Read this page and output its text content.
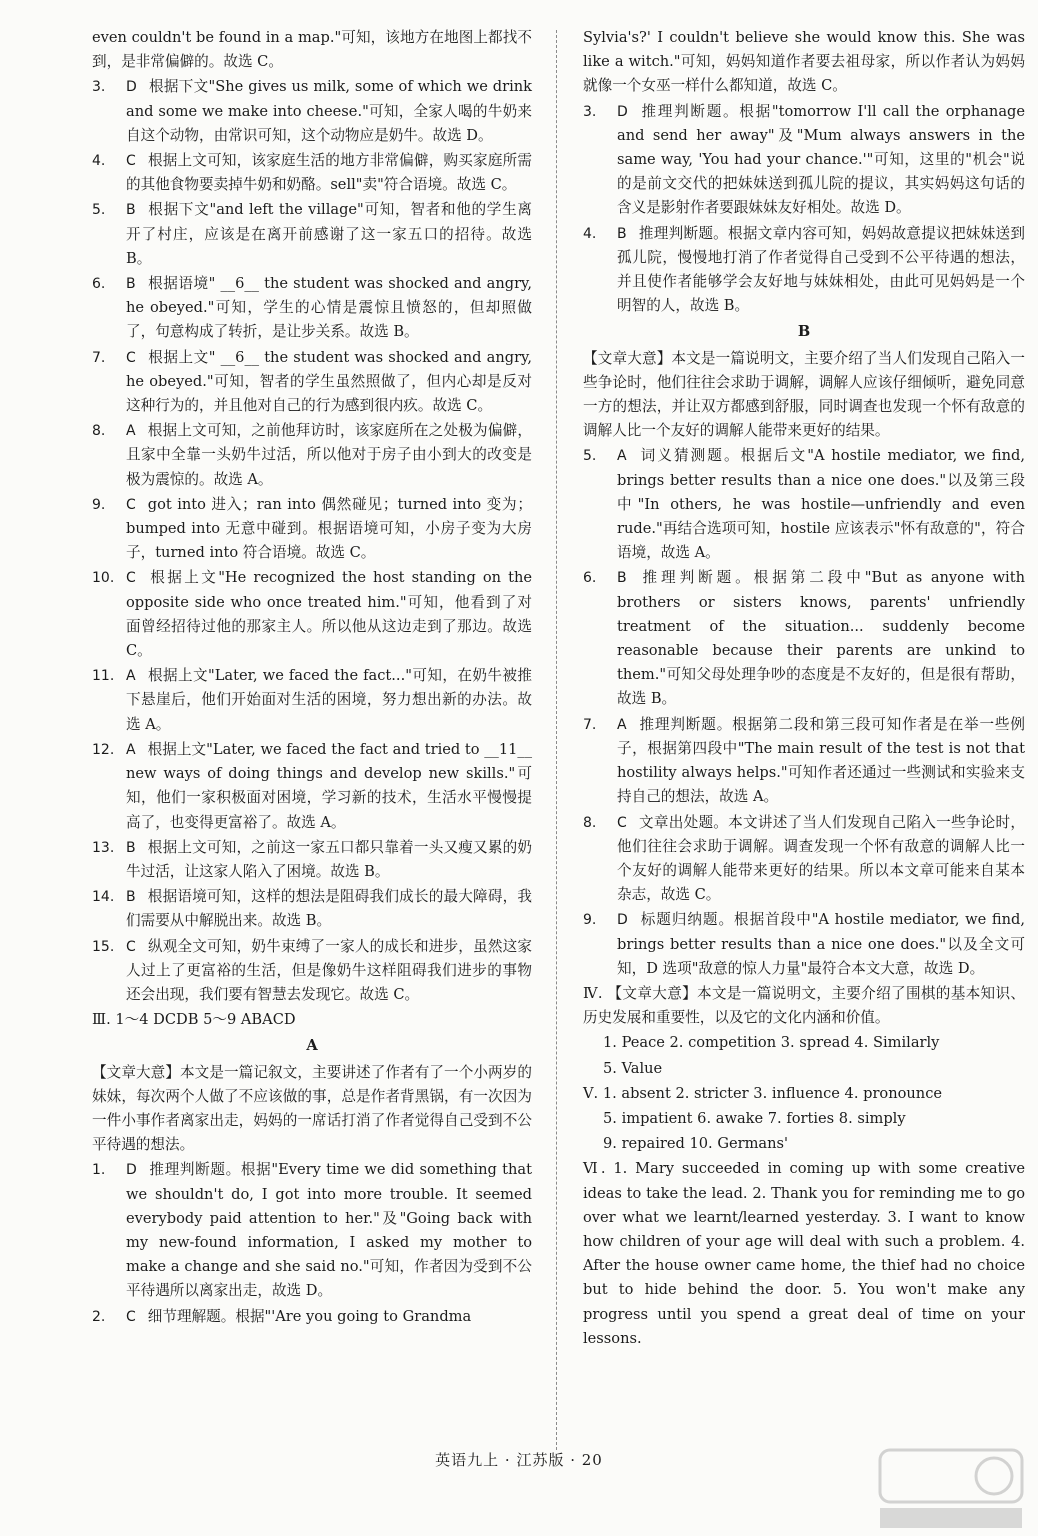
even couldn't be found in a map."可知，该地方在地图上都找不到，是非常偏僻的。故选 C。

3. D 根据下文"She gives us milk, some of which we drink and some we make into cheese."可知，全家人喝的牛奶来自这个动物，由常识可知，这个动物应是奶牛。故选 D。

4. C 根据上文可知，该家庭生活的地方非常偏僻，购买家庭所需的其他食物要卖掉牛奶和奶酪。sell"卖"符合语境。故选 C。

5. B 根据下文"and left the village"可知，智者和他的学生离开了村庄，应该是在离开前感谢了这一家五口的招待。故选 B。

6. B 根据语境" __6__ the student was shocked and angry, he obeyed."可知，学生的心情是震惊且愤怒的，但却照做了，句意构成了转折，是让步关系。故选 B。

7. C 根据上文" __6__ the student was shocked and angry, he obeyed."可知，智者的学生虽然照做了，但内心却是反对这种行为的，并且他对自己的行为感到很内疚。故选 C。

8. A 根据上文可知，之前他拜访时，该家庭所在之处极为偏僻，且家中全靠一头奶牛过活，所以他对于房子由小到大的改变是极为震惊的。故选 A。

9. C got into 进入；ran into 偶然碰见；turned into 变为；bumped into 无意中碰到。根据语境可知，小房子变为大房子，turned into 符合语境。故选 C。

10. C 根据上文"He recognized the host standing on the opposite side who once treated him."可知，他看到了对面曾经招待过他的那家主人。所以他从这边走到了那边。故选 C。

11. A 根据上文"Later, we faced the fact..."可知，在奶牛被推下悬崖后，他们开始面对生活的困境，努力想出新的办法。故选 A。

12. A 根据上文"Later, we faced the fact and tried to __11__ new ways of doing things and develop new skills."可知，他们一家积极面对困境，学习新的技术，生活水平慢慢提高了，也变得更富裕了。故选 A。

13. B 根据上文可知，之前这一家五口都只靠着一头又瘦又累的奶牛过活，让这家人陷入了困境。故选 B。

14. B 根据语境可知，这样的想法是阻碍我们成长的最大障碍，我们需要从中解脱出来。故选 B。

15. C 纵观全文可知，奶牛束缚了一家人的成长和进步，虽然这家人过上了更富裕的生活，但是像奶牛这样阻碍我们进步的事物还会出现，我们要有智慧去发现它。故选 C。

Ⅲ. 1～4 DCDB 5～9 ABACD

A

【文章大意】本文是一篇记叙文，主要讲述了作者有了一个小两岁的妹妹，每次两个人做了不应该做的事，总是作者背黑锅，有一次因为一件小事作者离家出走，妈妈的一席话打消了作者觉得自己受到不公平待遇的想法。

1. D 推理判断题。根据"Every time we did something that we shouldn't do, I got into more trouble. It seemed everybody paid attention to her."及"Going back with my new-found information, I asked my mother to make a change and she said no."可知，作者因为受到不公平待遇所以离家出走，故选 D。

2. C 细节理解题。根据"'Are you going to Grandma

Sylvia's?' I couldn't believe she would know this. She was like a witch."可知，妈妈知道作者要去祖母家，所以作者认为妈妈就像一个女巫一样什么都知道，故选 C。

3. D 推理判断题。根据"tomorrow I'll call the orphanage and send her away"及"Mum always answers in the same way, 'You had your chance.'"可知，这里的"机会"说的是前文交代的把妹妹送到孤儿院的提议，其实妈妈这句话的含义是影射作者要跟妹妹友好相处。故选 D。

4. B 推理判断题。根据文章内容可知，妈妈故意提议把妹妹送到孤儿院，慢慢地打消了作者觉得自己受到不公平待遇的想法，并且使作者能够学会友好地与妹妹相处，由此可见妈妈是一个明智的人，故选 B。

B

【文章大意】本文是一篇说明文，主要介绍了当人们发现自己陷入一些争论时，他们往往会求助于调解，调解人应该仔细倾听，避免同意一方的想法，并让双方都感到舒服，同时调查也发现一个怀有敌意的调解人比一个友好的调解人能带来更好的结果。

5. A 词义猜测题。根据后文"A hostile mediator, we find, brings better results than a nice one does."以及第三段中"In others, he was hostile—unfriendly and even rude."再结合选项可知，hostile 应该表示"怀有敌意的"，符合语境，故选 A。

6. B 推理判断题。根据第二段中"But as anyone with brothers or sisters knows, parents' unfriendly treatment of the situation... suddenly become reasonable because their parents are unkind to them."可知父母处理争吵的态度是不友好的，但是很有帮助，故选 B。

7. A 推理判断题。根据第二段和第三段可知作者是在举一些例子，根据第四段中"The main result of the test is not that hostility always helps."可知作者还通过一些测试和实验来支持自己的想法，故选 A。

8. C 文章出处题。本文讲述了当人们发现自己陷入一些争论时，他们往往会求助于调解。调查发现一个怀有敌意的调解人比一个友好的调解人能带来更好的结果。所以本文章可能来自某本杂志，故选 C。

9. D 标题归纳题。根据首段中"A hostile mediator, we find, brings better results than a nice one does."以及全文可知，D 选项"敌意的惊人力量"最符合本文大意，故选 D。

Ⅳ. 【文章大意】本文是一篇说明文，主要介绍了围棋的基本知识、历史发展和重要性，以及它的文化内涵和价值。

1. Peace 2. competition 3. spread 4. Similarly

5. Value

Ⅴ. 1. absent 2. stricter 3. influence 4. pronounce

5. impatient 6. awake 7. forties 8. simply

9. repaired 10. Germans'

Ⅵ. 1. Mary succeeded in coming up with some creative ideas to take the lead. 2. Thank you for reminding me to go over what we learnt/learned yesterday. 3. I want to know how children of your age will deal with such a problem. 4. After the house owner came home, the thief had no choice but to hide behind the door. 5. You won't make any progress until you spend a great deal of time on your lessons.

英语九上 · 江苏版 · 20
